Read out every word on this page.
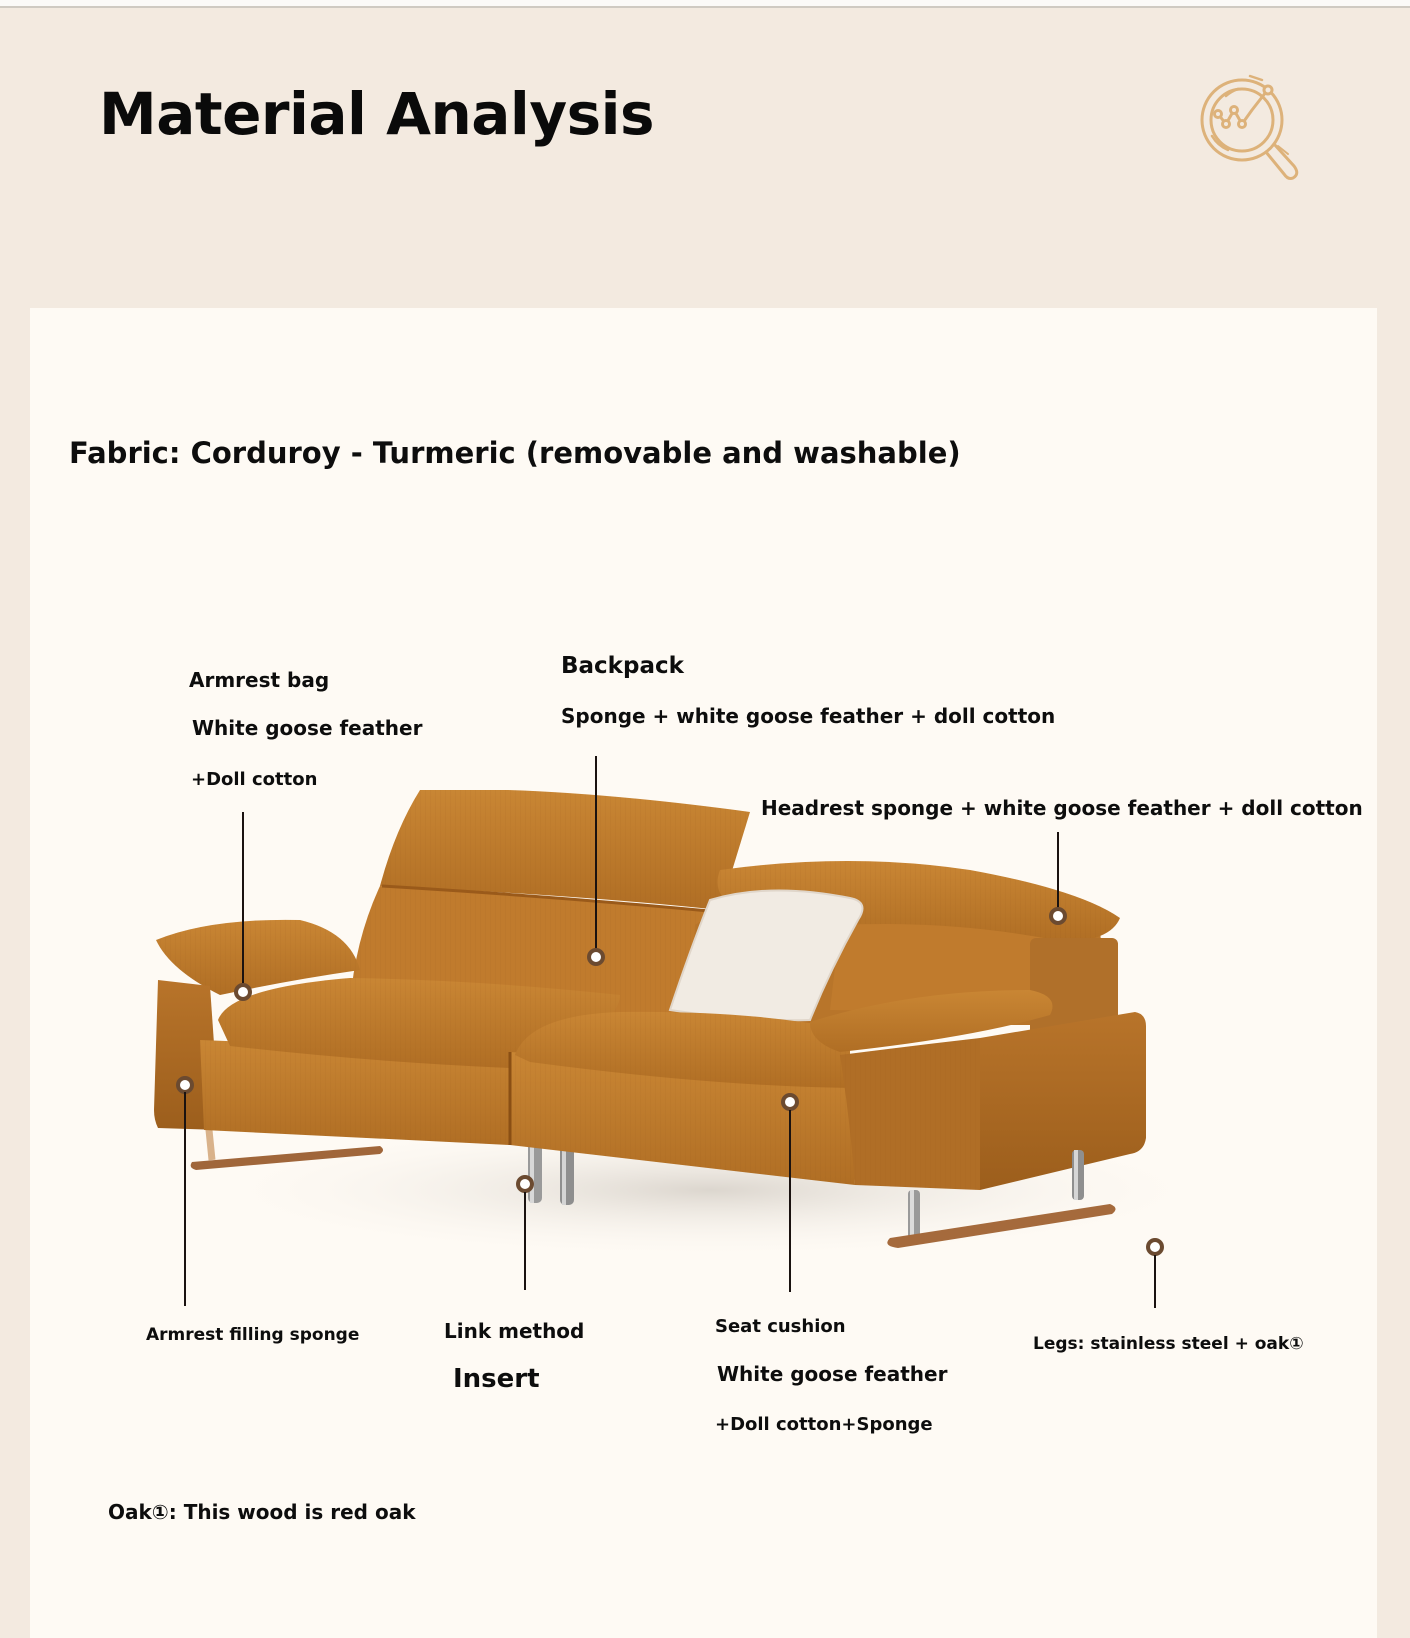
Material Analysis
Fabric: Corduroy - Turmeric (removable and washable)
Armrest bag
White goose feather
+Doll cotton
Backpack
Sponge + white goose feather + doll cotton
Headrest sponge + white goose feather + doll cotton
Armrest filling sponge	Link method
Insert
Seat cushion
White goose feather
+Doll cotton+Sponge
Legs: stainless steel + oak①
Oak①: This wood is red oak
